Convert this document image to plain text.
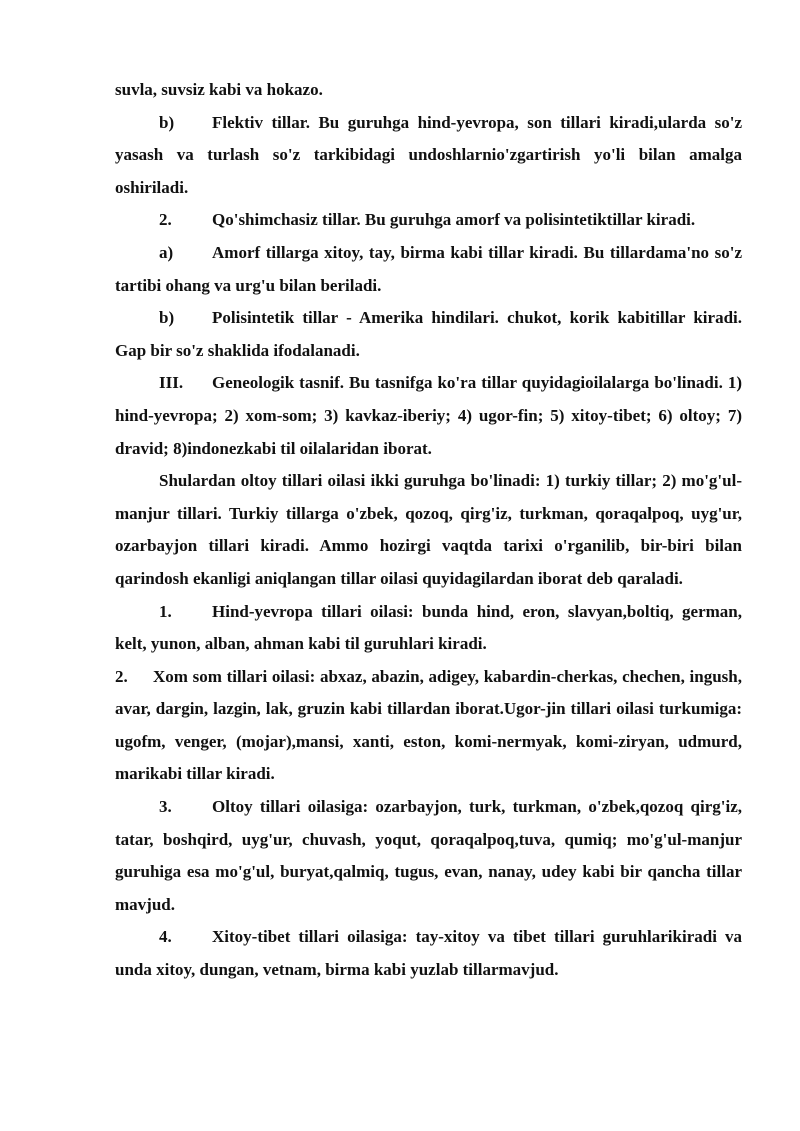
suvla, suvsiz kabi va hokazo.

b) Flektiv tillar. Bu guruhga hind-yevropa, son tillari kiradi,ularda so'z yasash va turlash so'z tarkibidagi undoshlarnio'zgartirish yo'li bilan amalga oshiriladi.

2. Qo'shimchasiz tillar. Bu guruhga amorf va polisintetiktillar kiradi.

a) Amorf tillarga xitoy, tay, birma kabi tillar kiradi. Bu tillardama'no so'z tartibi ohang va urg'u bilan beriladi.

b) Polisintetik tillar - Amerika hindilari. chukot, korik kabitillar kiradi. Gap bir so'z shaklida ifodalanadi.

III. Geneologik tasnif. Bu tasnifga ko'ra tillar quyidagioilalarga bo'linadi. 1) hind-yevropa; 2) xom-som; 3) kavkaz-iberiy; 4) ugor-fin; 5) xitoy-tibet; 6) oltoy; 7) dravid; 8)indonezkabi til oilalaridan iborat.

Shulardan oltoy tillari oilasi ikki guruhga bo'linadi: 1) turkiy tillar; 2) mo'g'ul-manjur tillari. Turkiy tillarga o'zbek, qozoq, qirg'iz, turkman, qoraqalpoq, uyg'ur, ozarbayjon tillari kiradi. Ammo hozirgi vaqtda tarixi o'rganilib, bir-biri bilan qarindosh ekanligi aniqlangan tillar oilasi quyidagilardan iborat deb qaraladi.

1. Hind-yevropa tillari oilasi: bunda hind, eron, slavyan,boltiq, german, kelt, yunon, alban, ahman kabi til guruhlari kiradi.

2. Xom som tillari oilasi: abxaz, abazin, adigey, kabardin-cherkas, chechen, ingush, avar, dargin, lazgin, lak, gruzin kabi tillardan iborat.Ugor-jin tillari oilasi turkumiga: ugofm, venger, (mojar),mansi, xanti, eston, komi-nermyak, komi-ziryan, udmurd, marikabi tillar kiradi.

3. Oltoy tillari oilasiga: ozarbayjon, turk, turkman, o'zbek,qozoq qirg'iz, tatar, boshqird, uyg'ur, chuvash, yoqut, qoraqalpoq,tuva, qumiq; mo'g'ul-manjur guruhiga esa mo'g'ul, buryat,qalmiq, tugus, evan, nanay, udey kabi bir qancha tillar mavjud.

4. Xitoy-tibet tillari oilasiga: tay-xitoy va tibet tillari guruhlarikiradi va unda xitoy, dungan, vetnam, birma kabi yuzlab tillarmavjud.
